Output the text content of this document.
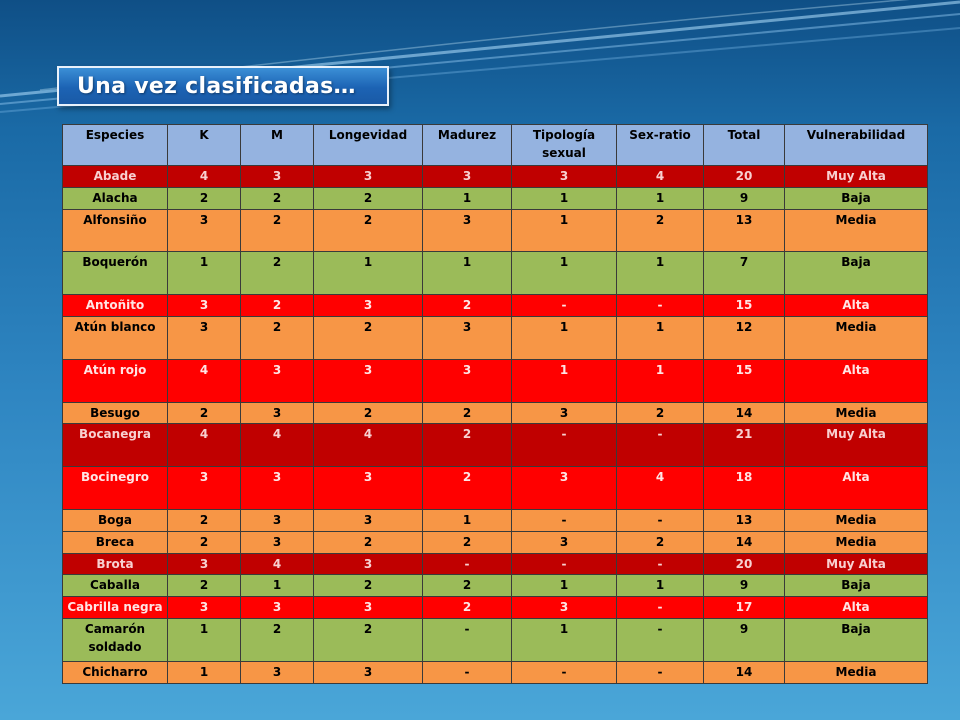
Una vez clasificadas…
Especies	K	M	Longevidad	Madurez	Tipología sexual	Sex-ratio	Total	Vulnerabilidad
Abade	4	3	3	3	3	4	20	Muy Alta
Alacha	2	2	2	1	1	1	9	Baja
Alfonsiño	3	2	2	3	1	2	13	Media
Boquerón	1	2	1	1	1	1	7	Baja
Antoñito	3	2	3	2	-	-	15	Alta
Atún blanco	3	2	2	3	1	1	12	Media
Atún rojo	4	3	3	3	1	1	15	Alta
Besugo	2	3	2	2	3	2	14	Media
Bocanegra	4	4	4	2	-	-	21	Muy Alta
Bocinegro	3	3	3	2	3	4	18	Alta
Boga	2	3	3	1	-	-	13	Media
Breca	2	3	2	2	3	2	14	Media
Brota	3	4	3	-	-	-	20	Muy Alta
Caballa	2	1	2	2	1	1	9	Baja
Cabrilla negra	3	3	3	2	3	-	17	Alta
Camarón soldado	1	2	2	-	1	-	9	Baja
Chicharro	1	3	3	-	-	-	14	Media
